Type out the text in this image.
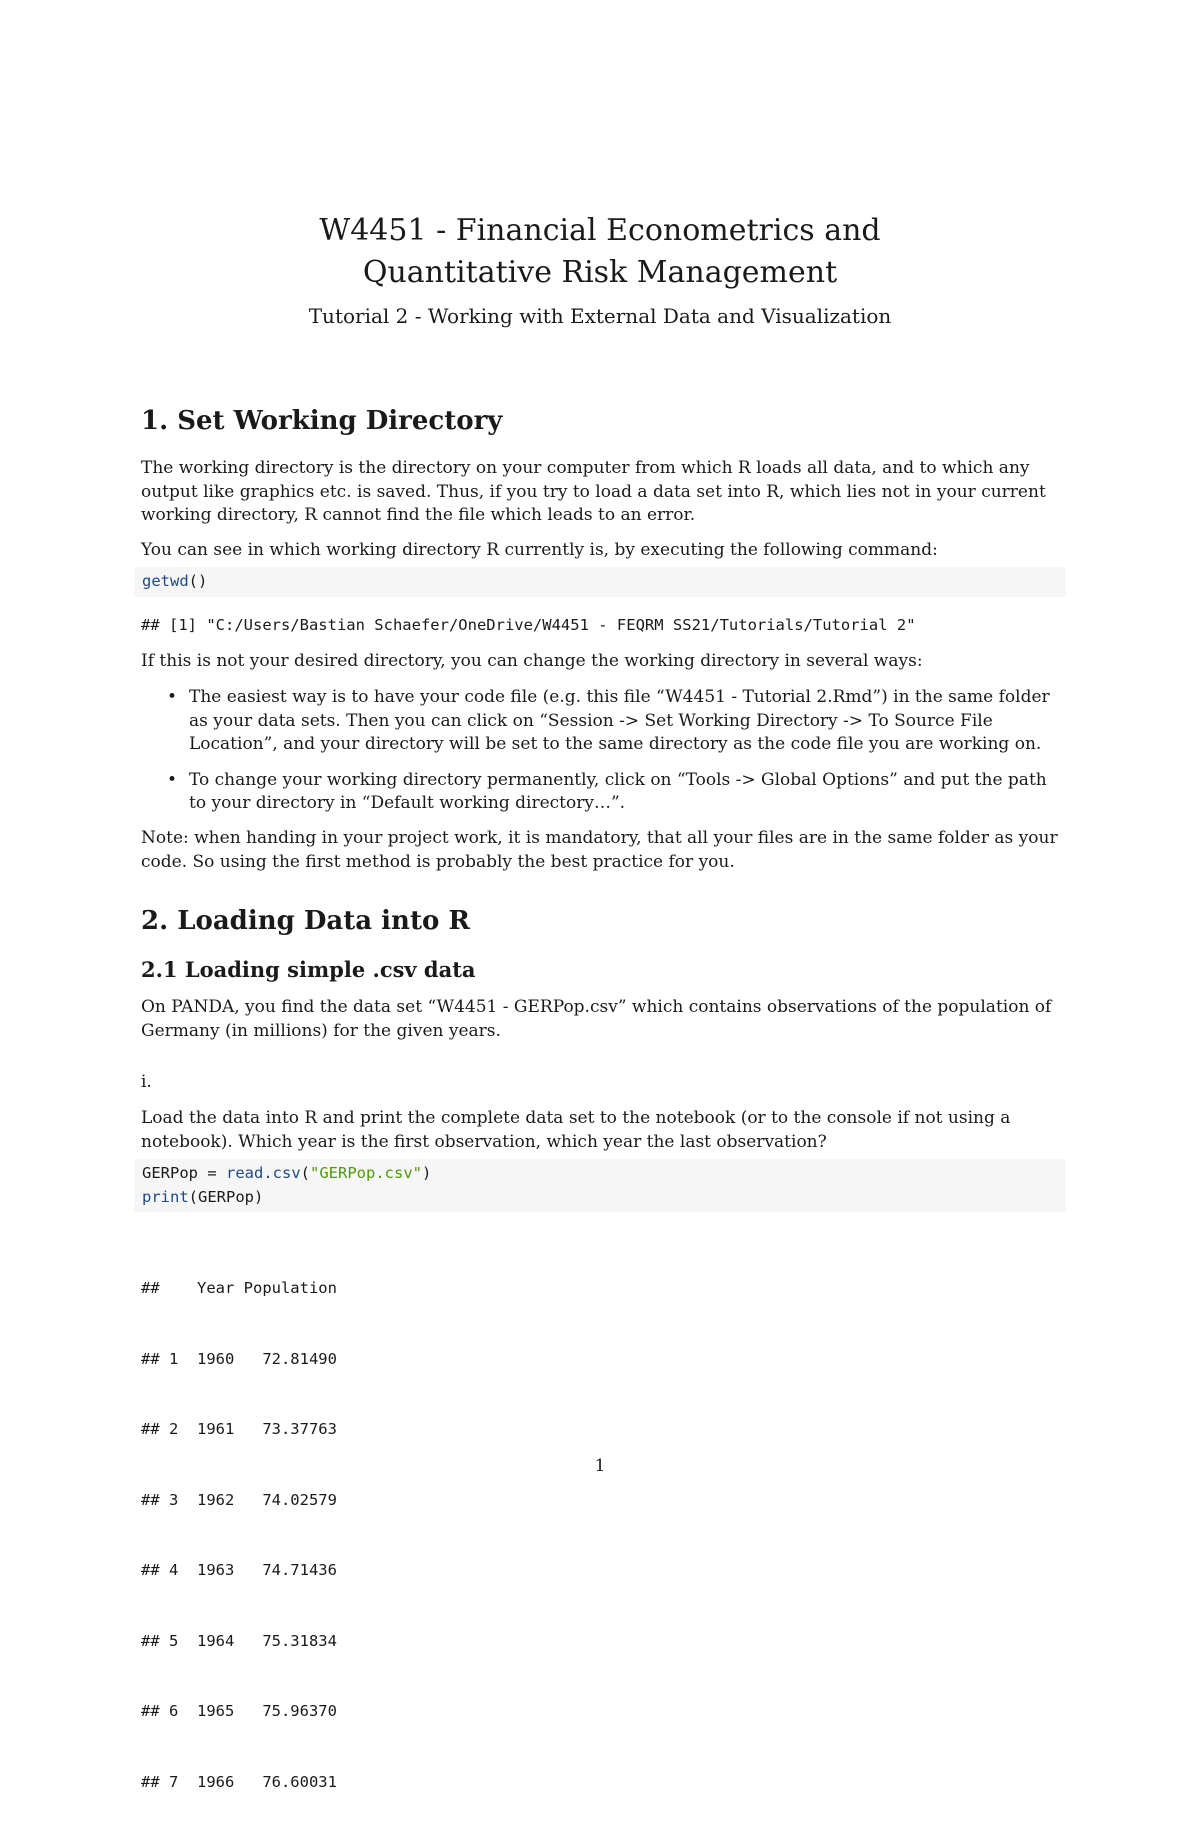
W4451 - Financial Econometrics and
Quantitative Risk Management
Tutorial 2 - Working with External Data and Visualization
1. Set Working Directory

The working directory is the directory on your computer from which R loads all data, and to which any output like graphics etc. is saved. Thus, if you try to load a data set into R, which lies not in your current working directory, R cannot find the file which leads to an error.

You can see in which working directory R currently is, by executing the following command:

getwd()
## [1] "C:/Users/Bastian Schaefer/OneDrive/W4451 - FEQRM SS21/Tutorials/Tutorial 2"

If this is not your desired directory, you can change the working directory in several ways:

• The easiest way is to have your code file (e.g. this file “W4451 - Tutorial 2.Rmd”) in the same folder as your data sets. Then you can click on “Session -> Set Working Directory -> To Source File Location”, and your directory will be set to the same directory as the code file you are working on.
• To change your working directory permanently, click on “Tools -> Global Options” and put the path to your directory in “Default working directory…”.

Note: when handing in your project work, it is mandatory, that all your files are in the same folder as your code. So using the first method is probably the best practice for you.

2. Loading Data into R
2.1 Loading simple .csv data

On PANDA, you find the data set “W4451 - GERPop.csv” which contains observations of the population of Germany (in millions) for the given years.

i.

Load the data into R and print the complete data set to the notebook (or to the console if not using a notebook). Which year is the first observation, which year the last observation?

GERPop = read.csv("GERPop.csv")
print(GERPop)

##    Year Population

## 1  1960   72.81490

## 2  1961   73.37763

## 3  1962   74.02579

## 4  1963   74.71436

## 5  1964   75.31834

## 6  1965   75.96370

## 7  1966   76.60031

1
